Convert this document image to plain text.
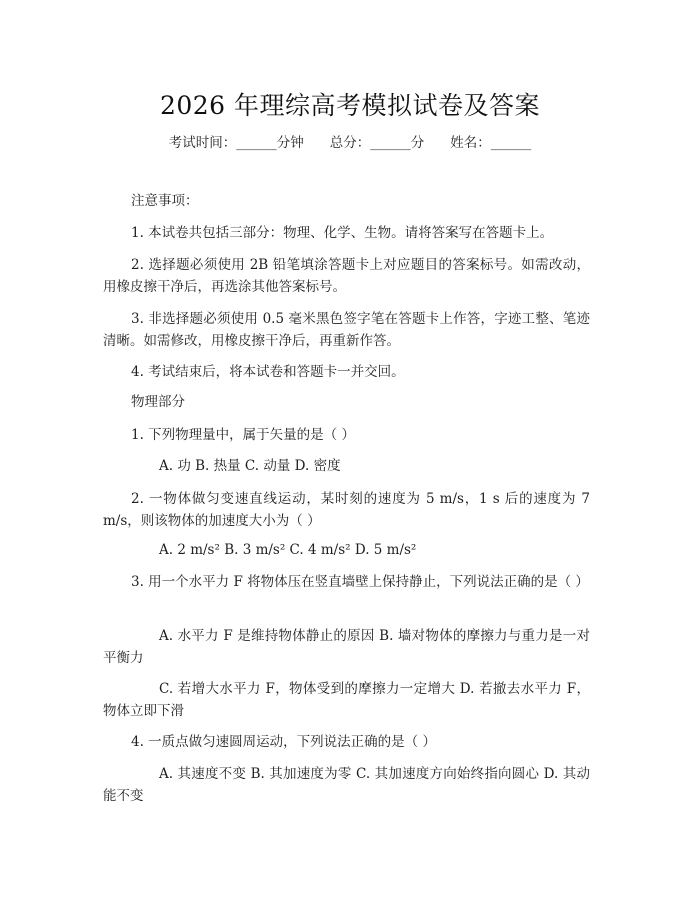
2026 年理综高考模拟试卷及答案
考试时间：______分钟 总分：______分 姓名：______
注意事项：
1. 本试卷共包括三部分：物理、化学、生物。请将答案写在答题卡上。
2. 选择题必须使用 2B 铅笔填涂答题卡上对应题目的答案标号。如需改动，用橡皮擦干净后，再选涂其他答案标号。
3. 非选择题必须使用 0.5 毫米黑色签字笔在答题卡上作答，字迹工整、笔迹清晰。如需修改，用橡皮擦干净后，再重新作答。
4. 考试结束后，将本试卷和答题卡一并交回。
物理部分
1. 下列物理量中，属于矢量的是（ ）
A. 功 B. 热量 C. 动量 D. 密度
2. 一物体做匀变速直线运动，某时刻的速度为 5 m/s，1 s 后的速度为 7 m/s，则该物体的加速度大小为（ ）
A. 2 m/s² B. 3 m/s² C. 4 m/s² D. 5 m/s²
3. 用一个水平力 F 将物体压在竖直墙壁上保持静止，下列说法正确的是（ ）
A. 水平力 F 是维持物体静止的原因 B. 墙对物体的摩擦力与重力是一对平衡力
C. 若增大水平力 F，物体受到的摩擦力一定增大 D. 若撤去水平力 F，物体立即下滑
4. 一质点做匀速圆周运动，下列说法正确的是（ ）
A. 其速度不变 B. 其加速度为零 C. 其加速度方向始终指向圆心 D. 其动能不变
